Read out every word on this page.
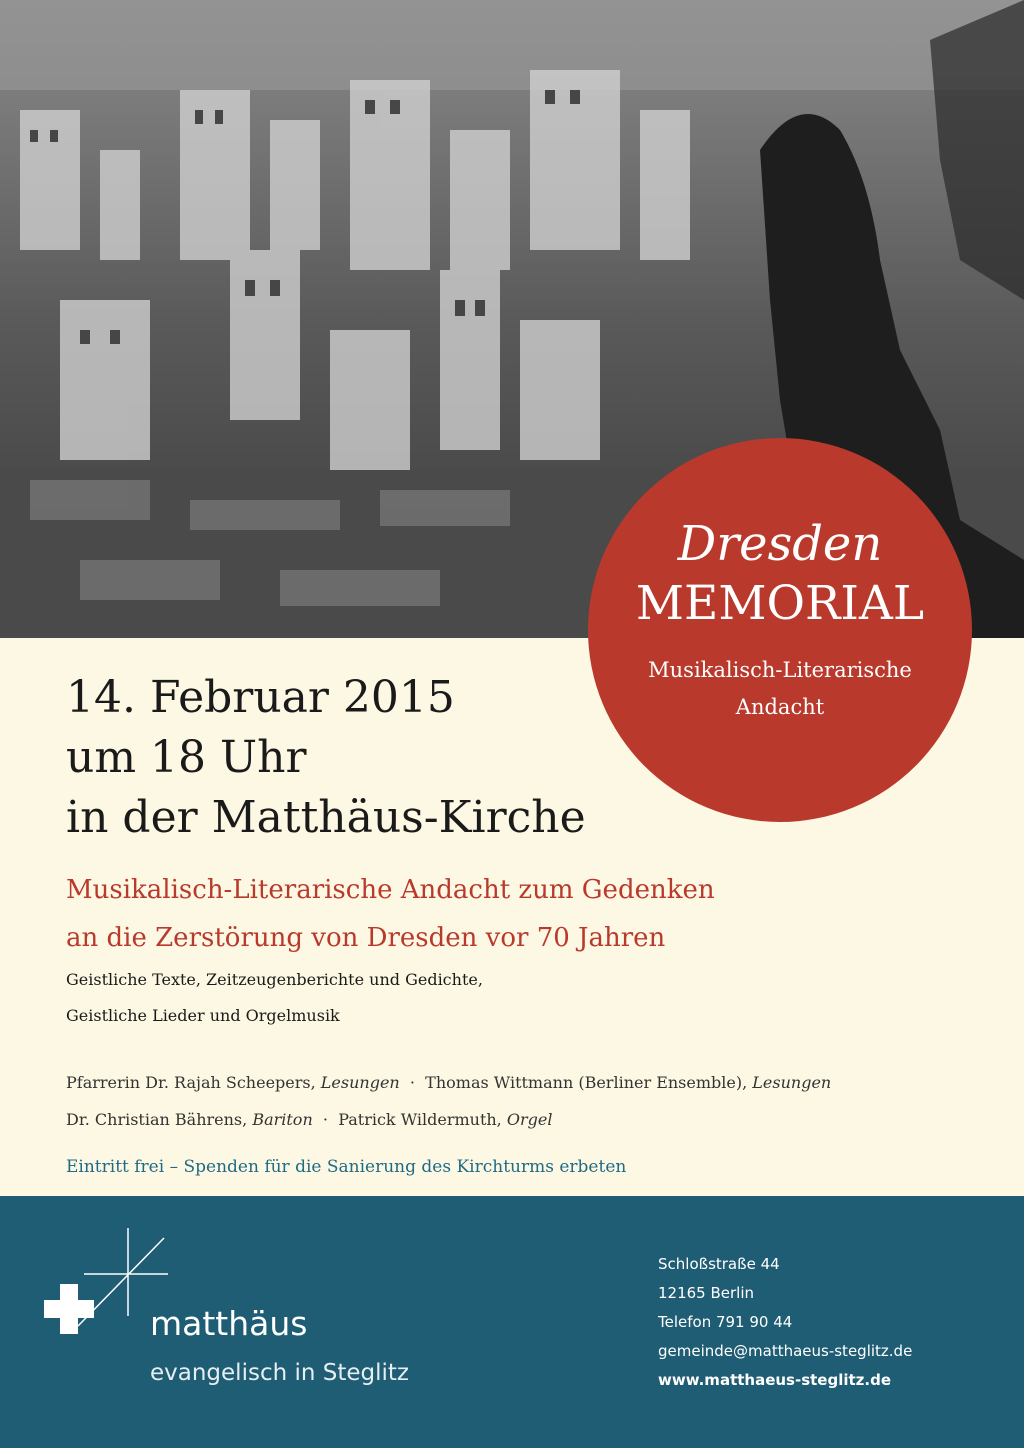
Dresden
MEMORIAL
Musikalisch-Literarische
Andacht
14. Februar 2015
um 18 Uhr
in der Matthäus-Kirche
Musikalisch-Literarische Andacht zum Gedenken
an die Zerstörung von Dresden vor 70 Jahren
Geistliche Texte, Zeitzeugenberichte und Gedichte,
Geistliche Lieder und Orgelmusik
Pfarrerin Dr. Rajah Scheepers, Lesungen · Thomas Wittmann (Berliner Ensemble), Lesungen
Dr. Christian Bährens, Bariton · Patrick Wildermuth, Orgel
Eintritt frei – Spenden für die Sanierung des Kirchturms erbeten
matthäus
evangelisch in Steglitz
Schloßstraße 44
12165 Berlin
Telefon 791 90 44
gemeinde@matthaeus-steglitz.de
www.matthaeus-steglitz.de
